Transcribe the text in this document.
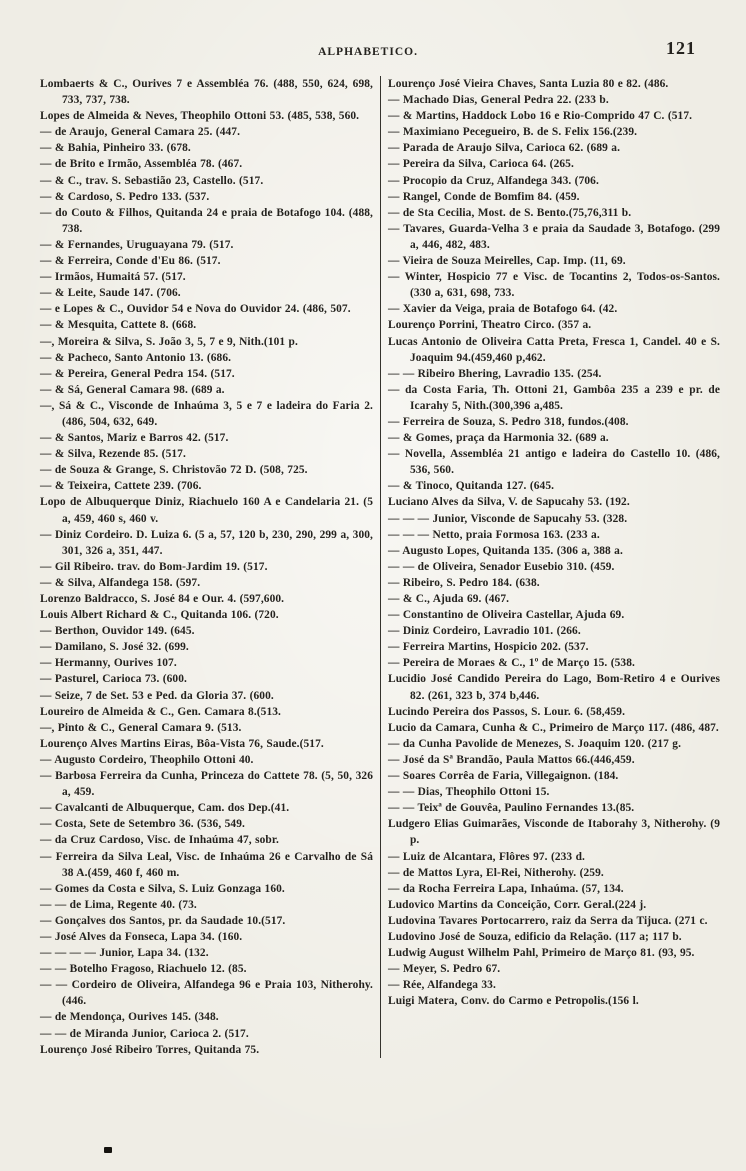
ALPHABETICO.	121

Lombaerts & C., Ourives 7 e Assembléa 76. (488, 550, 624, 698, 733, 737, 738.

Lopes de Almeida & Neves, Theophilo Ottoni 53. (485, 538, 560.

— de Araujo, General Camara 25. (447.

— & Bahia, Pinheiro 33. (678.

— de Brito e Irmão, Assembléa 78. (467.

— & C., trav. S. Sebastião 23, Castello. (517.

— & Cardoso, S. Pedro 133. (537.

— do Couto & Filhos, Quitanda 24 e praia de Botafogo 104. (488, 738.

— & Fernandes, Uruguayana 79. (517.

— & Ferreira, Conde d'Eu 86. (517.

— Irmãos, Humaitá 57. (517.

— & Leite, Saude 147. (706.

— e Lopes & C., Ouvidor 54 e Nova do Ouvidor 24. (486, 507.

— & Mesquita, Cattete 8. (668.

—, Moreira & Silva, S. João 3, 5, 7 e 9, Nith.(101 p.

— & Pacheco, Santo Antonio 13. (686.

— & Pereira, General Pedra 154. (517.

— & Sá, General Camara 98. (689 a.

—, Sá & C., Visconde de Inhaúma 3, 5 e 7 e ladeira do Faria 2. (486, 504, 632, 649.

— & Santos, Mariz e Barros 42. (517.

— & Silva, Rezende 85. (517.

— de Souza & Grange, S. Christovão 72 D. (508, 725.

— & Teixeira, Cattete 239. (706.

Lopo de Albuquerque Diniz, Riachuelo 160 A e Candelaria 21. (5 a, 459, 460 s, 460 v.

— Diniz Cordeiro. D. Luiza 6. (5 a, 57, 120 b, 230, 290, 299 a, 300, 301, 326 a, 351, 447.

— Gil Ribeiro. trav. do Bom-Jardim 19. (517.

— & Silva, Alfandega 158. (597.

Lorenzo Baldracco, S. José 84 e Our. 4. (597,600.

Louis Albert Richard & C., Quitanda 106. (720.

— Berthon, Ouvidor 149. (645.

— Damilano, S. José 32. (699.

— Hermanny, Ourives 107.

— Pasturel, Carioca 73. (600.

— Seize, 7 de Set. 53 e Ped. da Gloria 37. (600.

Loureiro de Almeida & C., Gen. Camara 8.(513.

—, Pinto & C., General Camara 9. (513.

Lourenço Alves Martins Eiras, Bôa-Vista 76, Saude.(517.

— Augusto Cordeiro, Theophilo Ottoni 40.

— Barbosa Ferreira da Cunha, Princeza do Cattete 78. (5, 50, 326 a, 459.

— Cavalcanti de Albuquerque, Cam. dos Dep.(41.

— Costa, Sete de Setembro 36. (536, 549.

— da Cruz Cardoso, Visc. de Inhaúma 47, sobr.

— Ferreira da Silva Leal, Visc. de Inhaúma 26 e Carvalho de Sá 38 A.(459, 460 f, 460 m.

— Gomes da Costa e Silva, S. Luiz Gonzaga 160.

— — de Lima, Regente 40. (73.

— Gonçalves dos Santos, pr. da Saudade 10.(517.

— José Alves da Fonseca, Lapa 34. (160.

— — — — Junior, Lapa 34. (132.

— — Botelho Fragoso, Riachuelo 12. (85.

— — Cordeiro de Oliveira, Alfandega 96 e Praia 103, Nitherohy. (446.

— de Mendonça, Ourives 145. (348.

— — de Miranda Junior, Carioca 2. (517.

Lourenço José Ribeiro Torres, Quitanda 75.

Lourenço José Vieira Chaves, Santa Luzia 80 e 82. (486.

— Machado Dias, General Pedra 22. (233 b.

— & Martins, Haddock Lobo 16 e Rio-Comprido 47 C. (517.

— Maximiano Pecegueiro, B. de S. Felix 156.(239.

— Parada de Araujo Silva, Carioca 62. (689 a.

— Pereira da Silva, Carioca 64. (265.

— Procopio da Cruz, Alfandega 343. (706.

— Rangel, Conde de Bomfim 84. (459.

— de Sta Cecilia, Most. de S. Bento.(75,76,311 b.

— Tavares, Guarda-Velha 3 e praia da Saudade 3, Botafogo. (299 a, 446, 482, 483.

— Vieira de Souza Meirelles, Cap. Imp. (11, 69.

— Winter, Hospicio 77 e Visc. de Tocantins 2, Todos-os-Santos. (330 a, 631, 698, 733.

— Xavier da Veiga, praia de Botafogo 64. (42.

Lourenço Porrini, Theatro Circo. (357 a.

Lucas Antonio de Oliveira Catta Preta, Fresca 1, Candel. 40 e S. Joaquim 94.(459,460 p,462.

— — Ribeiro Bhering, Lavradio 135. (254.

— da Costa Faria, Th. Ottoni 21, Gambôa 235 a 239 e pr. de Icarahy 5, Nith.(300,396 a,485.

— Ferreira de Souza, S. Pedro 318, fundos.(408.

— & Gomes, praça da Harmonia 32. (689 a.

— Novella, Assembléa 21 antigo e ladeira do Castello 10. (486, 536, 560.

— & Tinoco, Quitanda 127. (645.

Luciano Alves da Silva, V. de Sapucahy 53. (192.

— — — Junior, Visconde de Sapucahy 53. (328.

— — — Netto, praia Formosa 163. (233 a.

— Augusto Lopes, Quitanda 135. (306 a, 388 a.

— — de Oliveira, Senador Eusebio 310. (459.

— Ribeiro, S. Pedro 184. (638.

— & C., Ajuda 69. (467.

— Constantino de Oliveira Castellar, Ajuda 69.

— Diniz Cordeiro, Lavradio 101. (266.

— Ferreira Martins, Hospicio 202. (537.

— Pereira de Moraes & C., 1º de Março 15. (538.

Lucidio José Candido Pereira do Lago, Bom-Retiro 4 e Ourives 82. (261, 323 b, 374 b,446.

Lucindo Pereira dos Passos, S. Lour. 6. (58,459.

Lucio da Camara, Cunha & C., Primeiro de Março 117. (486, 487.

— da Cunha Pavolide de Menezes, S. Joaquim 120. (217 g.

— José da Sª Brandão, Paula Mattos 66.(446,459.

— Soares Corrêa de Faria, Villegaignon. (184.

— — Dias, Theophilo Ottoni 15.

— — Teixª de Gouvêa, Paulino Fernandes 13.(85.

Ludgero Elias Guimarães, Visconde de Itaborahy 3, Nitherohy. (9 p.

— Luiz de Alcantara, Flôres 97. (233 d.

— de Mattos Lyra, El-Rei, Nitherohy. (259.

— da Rocha Ferreira Lapa, Inhaúma. (57, 134.

Ludovico Martins da Conceição, Corr. Geral.(224 j.

Ludovina Tavares Portocarrero, raiz da Serra da Tijuca. (271 c.

Ludovino José de Souza, edificio da Relação. (117 a; 117 b.

Ludwig August Wilhelm Pahl, Primeiro de Março 81. (93, 95.

— Meyer, S. Pedro 67.

— Rée, Alfandega 33.

Luigi Matera, Conv. do Carmo e Petropolis.(156 l.
